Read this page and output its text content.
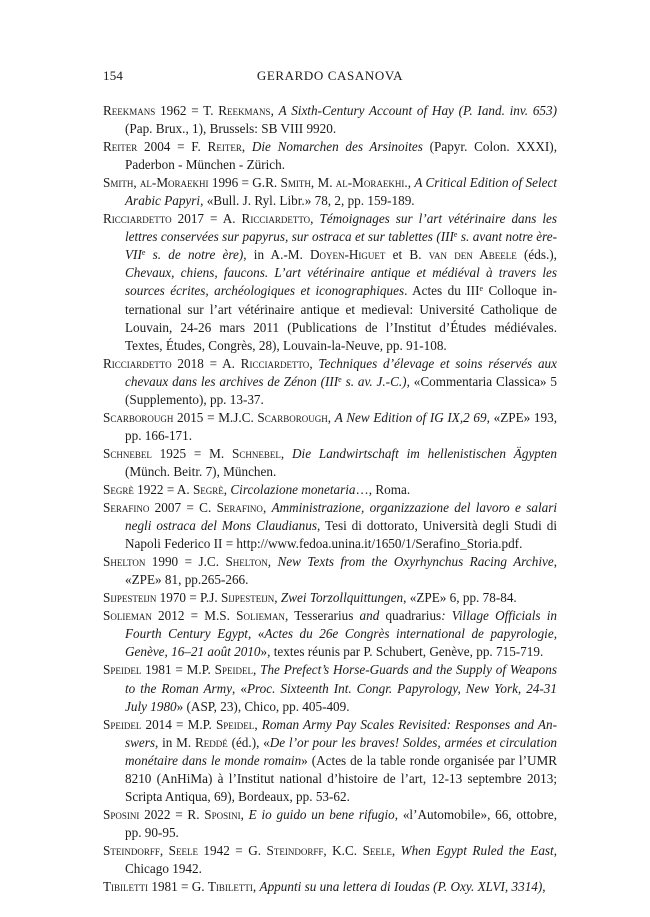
154	GERARDO CASANOVA

Reekmans 1962 = T. Reekmans, A Sixth-Century Account of Hay (P. Iand. inv. 653) (Pap. Brux., 1), Brussels: SB VIII 9920.

Reiter 2004 = F. Reiter, Die Nomarchen des Arsinoites (Papyr. Colon. XXXI), Paderbon - München - Zürich.

Smith, al-Moraekhi 1996 = G.R. Smith, M. al-Moraekhi., A Critical Edition of Select Arabic Papyri, «Bull. J. Ryl. Libr.» 78, 2, pp. 159-189.

Ricciardetto 2017 = A. Ricciardetto, Témoignages sur l’art vétérinaire dans les lettres conservées sur papyrus, sur ostraca et sur tablettes (IIIe s. avant notre ère-VIIe s. de notre ère), in A.-M. Doyen-Higuet et B. van den Abeele (éds.), Chevaux, chiens, faucons. L’art vétérinaire antique et médiéval à travers les sources écrites, archéologiques et iconographiques. Actes du IIIe Colloque international sur l’art vétérinaire antique et medieval: Université Catholique de Louvain, 24-26 mars 2011 (Publications de l’Institut d’Études médiévales. Textes, Études, Congrès, 28), Louvain-la-Neuve, pp. 91-108.

Ricciardetto 2018 = A. Ricciardetto, Techniques d’élevage et soins réservés aux chevaux dans les archives de Zénon (IIIe s. av. J.-C.), «Commentaria Classica» 5 (Supplemento), pp. 13-37.

Scarborough 2015 = M.J.C. Scarborough, A New Edition of IG IX,2 69, «ZPE» 193, pp. 166-171.

Schnebel 1925 = M. Schnebel, Die Landwirtschaft im hellenistischen Ägypten (Münch. Beitr. 7), München.

Segrè 1922 = A. Segrè, Circolazione monetaria…, Roma.

Serafino 2007 = C. Serafino, Amministrazione, organizzazione del lavoro e salari negli ostraca del Mons Claudianus, Tesi di dottorato, Università degli Studi di Napoli Federico II = http://www.fedoa.unina.it/1650/1/Serafino_Storia.pdf.

Shelton 1990 = J.C. Shelton, New Texts from the Oxyrhynchus Racing Archive, «ZPE» 81, pp.265-266.

Sijpesteijn 1970 = P.J. Sijpesteijn, Zwei Torzollquittungen, «ZPE» 6, pp. 78-84.

Solieman 2012 = M.S. Solieman, Tesserarius and quadrarius: Village Officials in Fourth Century Egypt, «Actes du 26e Congrès international de papyrologie, Genève, 16–21 août 2010», textes réunis par P. Schubert, Genève, pp. 715-719.

Speidel 1981 = M.P. Speidel, The Prefect’s Horse-Guards and the Supply of Weapons to the Roman Army, «Proc. Sixteenth Int. Congr. Papyrology, New York, 24-31 July 1980» (ASP, 23), Chico, pp. 405-409.

Speidel 2014 = M.P. Speidel, Roman Army Pay Scales Revisited: Responses and Answers, in M. Reddé (éd.), «De l’or pour les braves! Soldes, armées et circulation monétaire dans le monde romain» (Actes de la table ronde organisée par l’UMR 8210 (AnHiMa) à l’Institut national d’histoire de l’art, 12-13 septembre 2013; Scripta Antiqua, 69), Bordeaux, pp. 53-62.

Sposini 2022 = R. Sposini, E io guido un bene rifugio, «l’Automobile», 66, ottobre, pp. 90-95.

Steindorff, Seele 1942 = G. Steindorff, K.C. Seele, When Egypt Ruled the East, Chicago 1942.

Tibiletti 1981 = G. Tibiletti, Appunti su una lettera di Ioudas (P. Oxy. XLVI, 3314),
